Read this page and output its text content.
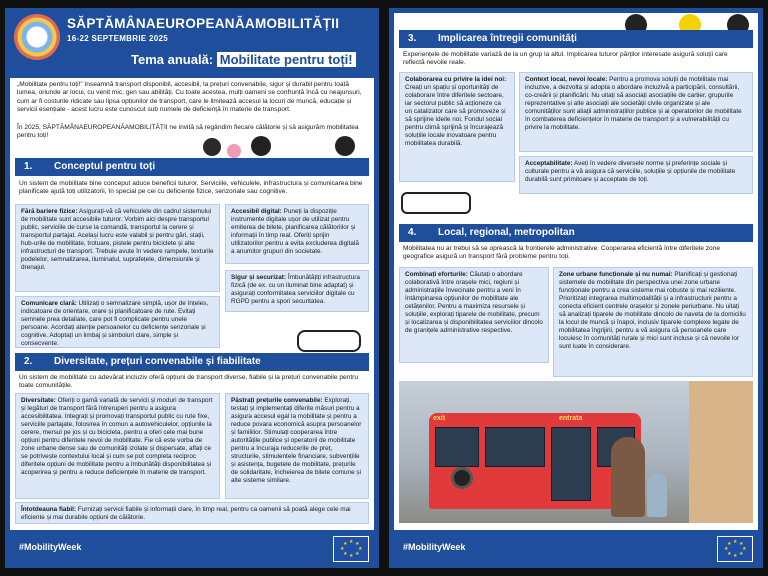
SĂPTĂMÂNAEUROPEANĂAMOBILITĂȚII
16-22 SEPTEMBRIE 2025
Tema anuală: Mobilitate pentru toți!
„Mobilitate pentru toți!” înseamnă transport disponibil, accesibil, la prețuri convenabile, sigur și durabil pentru toată lumea, oriunde ar locui, cu venit mic, gen sau abilități. Cu toate acestea, mulți oameni se confruntă încă cu neajunsuri, cum ar fi costurile ridicate sau lipsa opțiunilor de transport, care le limitează accesul la locuri de muncă, educație și servicii esențiale - acest lucru este cunoscut sub numele de deficiență în materie de transport.
În 2025, SĂPTĂMÂNAEUROPEANĂAMOBILITĂȚII ne invită să regândim fiecare călătorie și să asigurăm mobilitatea pentru toți!
1. Conceptul pentru toți
Un sistem de mobilitate bine conceput aduce beneficii tuturor. Serviciile, vehiculele, infrastructura și comunicarea bine planificate ajută toți utilizatorii, în special pe cei cu deficiențe fizice, senzoriale sau cognitive.
Fără bariere fizice: Asigurați-vă că vehiculele din cadrul sistemului de mobilitate sunt accesibile tuturor. Vorbim aici despre transportul public, serviciile de curse la comandă, transportul la cerere și transportul partajat. Același lucru este valabil și pentru gări, stații, hub-urile de mobilitate, trotuare, pistele pentru biciclete și alte infrastructuri de transport. Trebuie avute în vedere rampele, texturile podelelor, semnalizarea, iluminatul, suprafețele, dimensiunile și drenajul.
Accesibil digital: Puneți la dispoziție instrumente digitale ușor de utilizat pentru emiterea de bilete, planificarea călătoriilor și informații în timp real. Oferiți sprijin utilizatorilor pentru a evita excluderea digitală a anumitor grupuri din societate.
Comunicare clară: Utilizați o semnalizare simplă, ușor de înțeles, indicatoare de orientare, orare și planificatoare de rute. Evitați semnele prea detaliate, care pot fi complicate pentru unele persoane. Acordați atenție persoanelor cu deficiențe senzoriale și cognitive. Adoptați un limbaj și simboluri clare, simple și consecvente.
Sigur și securizat: Îmbunătățiți infrastructura fizică (de ex. cu un iluminat bine adaptat) și asigurați conformitatea serviciilor digitale cu RGPD pentru a spori securitatea.
2. Diversitate, prețuri convenabile și fiabilitate
Un sistem de mobilitate cu adevărat incluziv oferă opțiuni de transport diverse, fiabile și la prețuri convenabile pentru toate comunitățile.
Diversitate: Oferiți o gamă variată de servicii și moduri de transport și legături de transport fără întreruperi pentru a asigura accesibilitatea. Integrați și promovați transportul public cu rute fixe, serviciile partajate, folosirea în comun a autovehiculelor, opțiunile la cerere, mersul pe jos și cu bicicleta, pentru a oferi cele mai bune opțiuni pentru diferitele nevoi de mobilitate. Fie că este vorba de zone urbane dense sau de comunități izolate și dispersate, aflați ce se potrivește contextului local și cum se pot completa reciproc diferitele opțiuni de mobilitate pentru a îmbunătăți disponibilitatea și acoperirea și pentru a reduce deficiențele în materie de transport.
Păstrați prețurile convenabile: Explorați, testați și implementați diferite măsuri pentru a asigura accesul egal la mobilitate și pentru a reduce povara economică asupra persoanelor și familiilor. Stimulați cooperarea între autoritățile publice și operatorii de mobilitate pentru a încuraja reducerile de preț, structurile, stimulentele financiare, subvențiile și asistența, bugetele de mobilitate, prețurile de solidaritate, încheierea de bilete comune și alte sisteme similare.
Întotdeauna fiabil: Furnizați servicii fiabile și informații clare, în timp real, pentru ca oamenii să poată alege cele mai eficiente și mai durabile opțiuni de călătorie.
#MobilityWeek	★ ★
★
★
★
★
★
★
3. Implicarea întregii comunități
Experiențele de mobilitate variază de la un grup la altul. Implicarea tuturor părților interesate asigură soluții care reflectă nevoile reale.
Colaborarea cu privire la idei noi: Creați un spațiu și oportunități de colaborare între diferitele sectoare, iar sectorul public să acționeze ca un catalizator care să promoveze și să sprijine ideile noi. Fondul social pentru climă sprijină și încurajează soluțiile locale inovatoare pentru mobilitatea durabilă.
Context local, nevoi locale: Pentru a promova soluții de mobilitate mai incluzive, a dezvolta și adopta o abordare incluzivă a participării, consultării, co-creării și planificării. Nu uitați să asociați asociațiile de cartier, grupurile reprezentative și alte asociații ale societății civile organizate și ale comunităților sunt aliații administrațiilor publice și ai operatorilor de mobilitate în combaterea deficiențelor în materie de transport și a vulnerabilității cu privire la mobilitate.
Acceptabilitate: Aveți în vedere diversele norme și preferințe sociale și culturale pentru a vă asigura că serviciile, soluțiile și opțiunile de mobilitate durabilă sunt primitoare și acceptate de toți.
4. Local, regional, metropolitan
Mobilitatea nu ar trebui să se oprească la frontierele administrative. Cooperarea eficientă între diferitele zone geografice asigură un transport fără probleme pentru toți.
Combinați eforturile: Căutați o abordare colaborativă între orașele mici, regiuni și administrațiile învecinate pentru a veni în întâmpinarea opțiunilor de mobilitate ale cetățenilor. Pentru a maximiza resursele și soluțiile, explorați tiparele de mobilitate, precum și localizarea și disponibilitatea serviciilor dincolo de granițele administrative respective.
Zone urbane funcționale și nu numai: Planificați și gestionați sistemele de mobilitate din perspectiva unei zone urbane funcționale pentru a crea sisteme mai robuste și mai reziliente. Prioritizați integrarea multimodalității și a infrastructurii pentru a conecta eficient centrele orașelor și zonele periurbane. Nu uitați să analizați tiparele de mobilitate dincolo de naveta de la domiciliu la locul de muncă și înapoi, inclusiv tiparele complexe legate de mobilitatea îngrijirii, pentru a vă asigura că persoanele care locuiesc în comunități rurale și mici sunt incluse și că nevoile lor sunt luate în considerare.
exit	entrata
#MobilityWeek	★ ★
★
★
★
★
★
★
